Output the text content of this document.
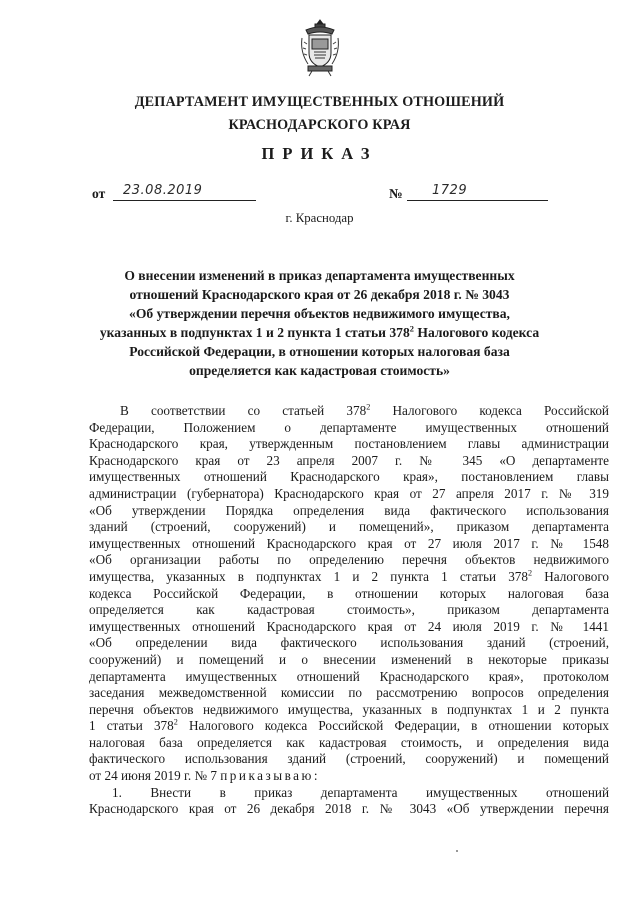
ДЕПАРТАМЕНТ ИМУЩЕСТВЕННЫХ ОТНОШЕНИЙ
КРАСНОДАРСКОГО КРАЯ
ПРИКАЗ
от 23.08.2019	№ 1729
г. Краснодар
О внесении изменений в приказ департамента имущественных
отношений Краснодарского края от 26 декабря 2018 г. № 3043
«Об утверждении перечня объектов недвижимого имущества,
указанных в подпунктах 1 и 2 пункта 1 статьи $378^2$ Налогового кодекса
Российской Федерации, в отношении которых налоговая база
определяется как кадастровая стоимость»
В соответствии со статьей $378^2$ Налогового кодекса Российской
Федерации, Положением о департаменте имущественных отношений
Краснодарского края, утвержденным постановлением главы администрации
Краснодарского края от 23 апреля 2007 г. № 345 «О департаменте
имущественных отношений Краснодарского края», постановлением главы
администрации (губернатора) Краснодарского края от 27 апреля 2017 г. № 319
«Об утверждении Порядка определения вида фактического использования
зданий (строений, сооружений) и помещений», приказом департамента
имущественных отношений Краснодарского края от 27 июля 2017 г. № 1548
«Об организации работы по определению перечня объектов недвижимого
имущества, указанных в подпунктах 1 и 2 пункта 1 статьи $378^2$ Налогового
кодекса Российской Федерации, в отношении которых налоговая база
определяется как кадастровая стоимость», приказом департамента
имущественных отношений Краснодарского края от 24 июля 2019 г. № 1441
«Об определении вида фактического использования зданий (строений,
сооружений) и помещений и о внесении изменений в некоторые приказы
департамента имущественных отношений Краснодарского края», протоколом
заседания межведомственной комиссии по рассмотрению вопросов определения
перечня объектов недвижимого имущества, указанных в подпунктах 1 и 2 пункта
1 статьи $378^2$ Налогового кодекса Российской Федерации, в отношении которых
налоговая база определяется как кадастровая стоимость, и определения вида
фактического использования зданий (строений, сооружений) и помещений
от 24 июня 2019 г. № 7 приказываю:
1. Внести в приказ департамента имущественных отношений
Краснодарского края от 26 декабря 2018 г. № 3043 «Об утверждении перечня
